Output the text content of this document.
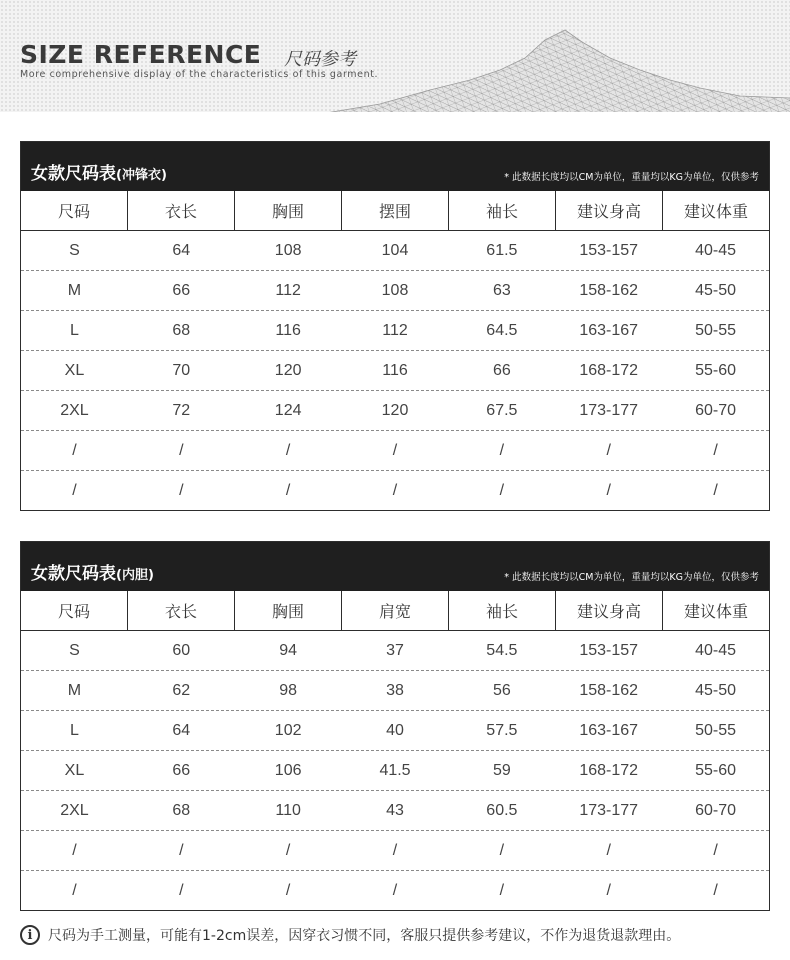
SIZE REFERENCE 尺码参考
More comprehensive display of the characteristics of this garment.
女款尺码表(冲锋衣)	* 此数据长度均以CM为单位，重量均以KG为单位，仅供参考
尺码	衣长	胸围	摆围	袖长	建议身高	建议体重
S	64	108	104	61.5	153-157	40-45
M	66	112	108	63	158-162	45-50
L	68	116	112	64.5	163-167	50-55
XL	70	120	116	66	168-172	55-60
2XL	72	124	120	67.5	173-177	60-70
/	/	/	/	/	/	/
/	/	/	/	/	/	/
女款尺码表(内胆)	* 此数据长度均以CM为单位，重量均以KG为单位，仅供参考
尺码	衣长	胸围	肩宽	袖长	建议身高	建议体重
S	60	94	37	54.5	153-157	40-45
M	62	98	38	56	158-162	45-50
L	64	102	40	57.5	163-167	50-55
XL	66	106	41.5	59	168-172	55-60
2XL	68	110	43	60.5	173-177	60-70
/	/	/	/	/	/	/
/	/	/	/	/	/	/
i	尺码为手工测量，可能有1-2cm误差，因穿衣习惯不同，客服只提供参考建议，不作为退货退款理由。
